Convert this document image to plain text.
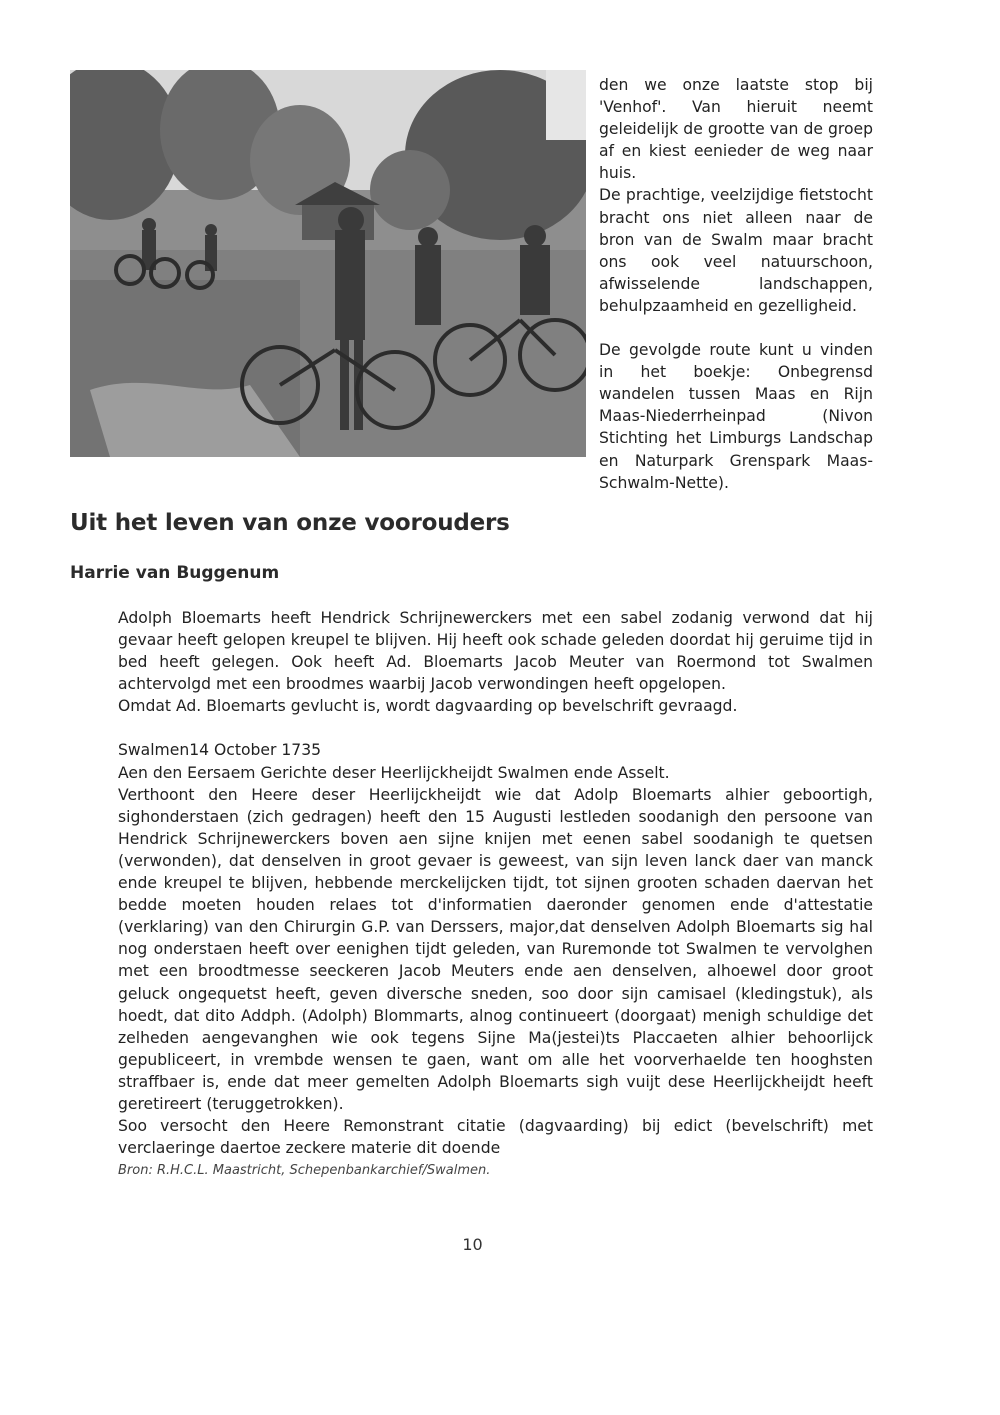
den we onze laatste stop bij 'Venhof'. Van hieruit neemt geleidelijk de grootte van de groep af en kiest eenieder de weg naar huis.

De prachtige, veelzijdige fietstocht bracht ons niet alleen naar de bron van de Swalm maar bracht ons ook veel natuurschoon, afwisselende landschappen, behulpzaamheid en gezelligheid.

De gevolgde route kunt u vinden in het boekje: Onbegrensd wandelen tussen Maas en Rijn Maas-Niederrheinpad (Nivon Stichting het Limburgs Landschap en Naturpark Grenspark Maas-Schwalm-Nette).

Uit het leven van onze voorouders
Harrie van Buggenum

Adolph Bloemarts heeft Hendrick Schrijnewerckers met een sabel zodanig verwond dat hij gevaar heeft gelopen kreupel te blijven. Hij heeft ook schade geleden doordat hij geruime tijd in bed heeft gelegen. Ook heeft Ad. Bloemarts Jacob Meuter van Roermond tot Swalmen achtervolgd met een broodmes waarbij Jacob verwondingen heeft opgelopen.

Omdat Ad. Bloemarts gevlucht is, wordt dagvaarding op bevelschrift gevraagd.

Swalmen14 October 1735

Aen den Eersaem Gerichte deser Heerlijckheijdt Swalmen ende Asselt.

Verthoont den Heere deser Heerlijckheijdt wie dat Adolp Bloemarts alhier geboortigh, sighonderstaen (zich gedragen) heeft den 15 Augusti lestleden soodanigh den persoone van Hendrick Schrijnewerckers boven aen sijne knijen met eenen sabel soodanigh te quetsen (verwonden), dat denselven in groot gevaer is geweest, van sijn leven lanck daer van manck ende kreupel te blijven, hebbende merckelijcken tijdt, tot sijnen grooten schaden daervan het bedde moeten houden relaes tot d'informatien daeronder genomen ende d'attestatie (verklaring) van den Chirurgin G.P. van Derssers, major,dat denselven Adolph Bloemarts sig hal nog onderstaen heeft over eenighen tijdt geleden, van Ruremonde tot Swalmen te vervolghen met een broodtmesse seeckeren Jacob Meuters ende aen denselven, alhoewel door groot geluck ongequetst heeft, geven diversche sneden, soo door sijn camisael (kledingstuk), als hoedt, dat dito Addph. (Adolph) Blommarts, alnog continueert (doorgaat) menigh schuldige det zelheden aengevanghen wie ook tegens Sijne Ma(jestei)ts Placcaeten alhier behoorlijck gepubliceert, in vrembde wensen te gaen, want om alle het voorverhaelde ten hooghsten straffbaer is, ende dat meer gemelten Adolph Bloemarts sigh vuijt dese Heerlijckheijdt heeft geretireert (teruggetrokken).

Soo versocht den Heere Remonstrant citatie (dagvaarding) bij edict (bevelschrift) met verclaeringe daertoe zeckere materie dit doende

Bron: R.H.C.L. Maastricht, Schepenbankarchief/Swalmen.
10
